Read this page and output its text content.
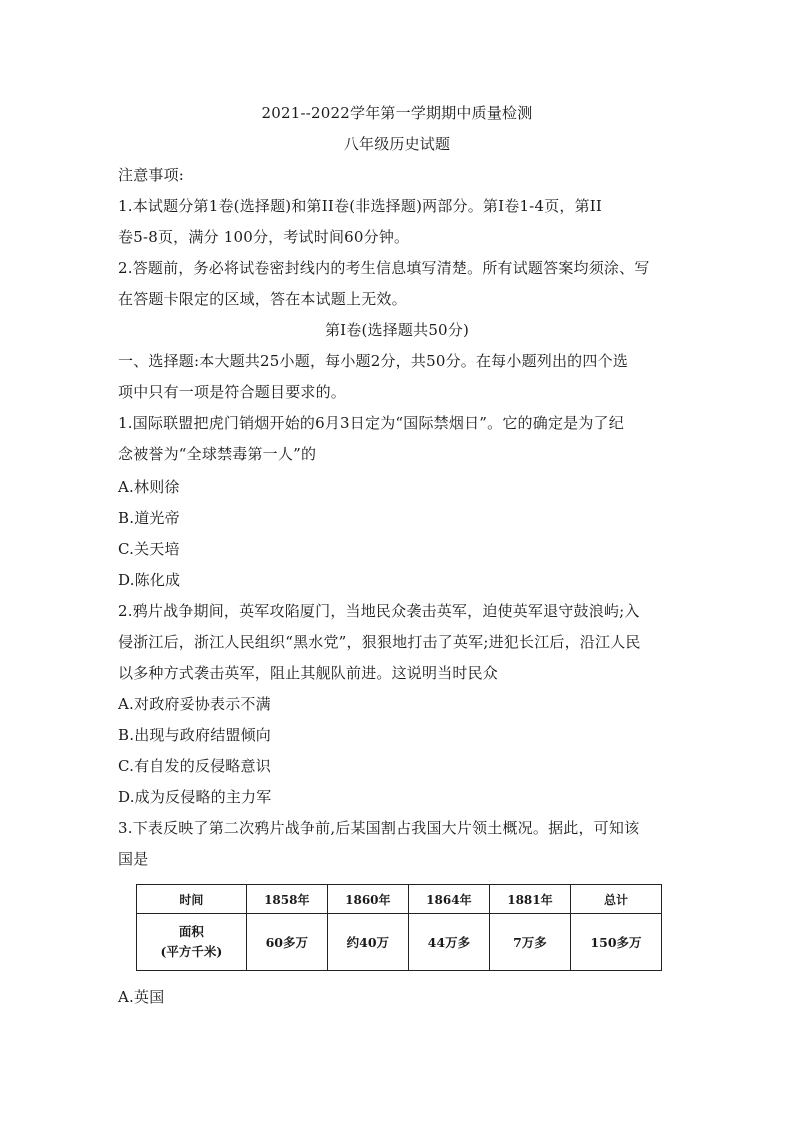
2021--2022学年第一学期期中质量检测
八年级历史试题
注意事项:
1.本试题分第1卷(选择题)和第II卷(非选择题)两部分。第I卷1-4页，第II
卷5-8页，满分 100分，考试时间60分钟。
2.答题前，务必将试卷密封线内的考生信息填写清楚。所有试题答案均须涂、写
在答题卡限定的区域，答在本试题上无效。
第I卷(选择题共50分)
一、选择题:本大题共25小题，每小题2分，共50分。在每小题列出的四个选
项中只有一项是符合题目要求的。
1.国际联盟把虎门销烟开始的6月3日定为“国际禁烟日”。它的确定是为了纪
念被誉为“全球禁毒第一人”的
A.林则徐
B.道光帝
C.关天培
D.陈化成
2.鸦片战争期间，英军攻陷厦门，当地民众袭击英军，迫使英军退守鼓浪屿;入
侵浙江后，浙江人民组织“黑水党”，狠狠地打击了英军;进犯长江后，沿江人民
以多种方式袭击英军，阻止其舰队前进。这说明当时民众
A.对政府妥协表示不满
B.出现与政府结盟倾向
C.有自发的反侵略意识
D.成为反侵略的主力军
3.下表反映了第二次鸦片战争前,后某国割占我国大片领土概况。据此，可知该
国是
时间	1858年	1860年	1864年	1881年	总计

面积
(平方千米)	60多万	约40万	44万多	7万多	150多万
A.英国
